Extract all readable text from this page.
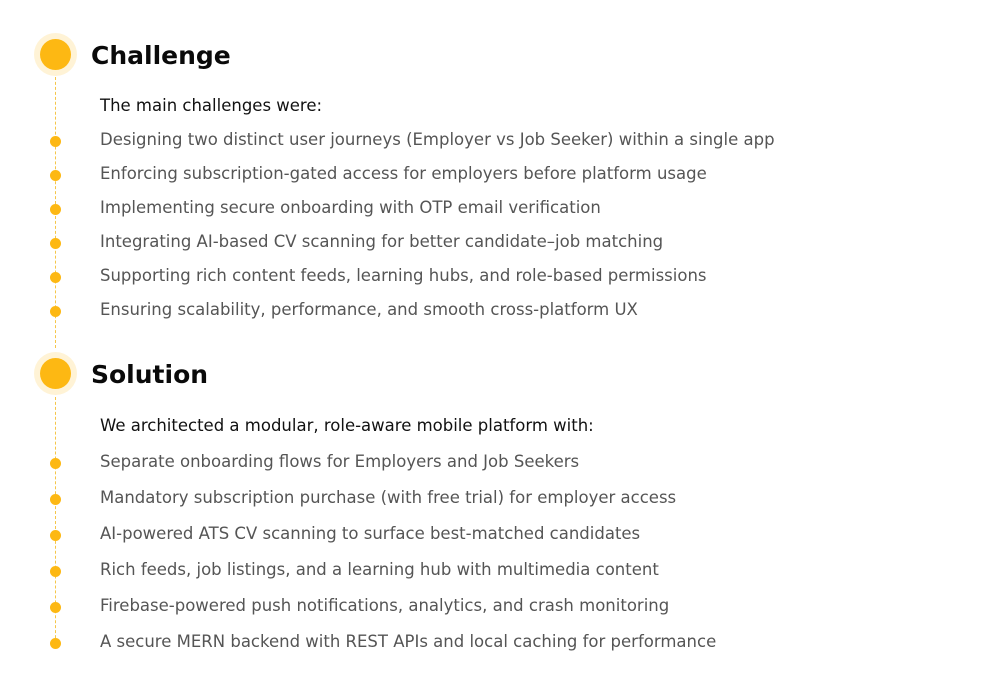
Challenge
The main challenges were:
Designing two distinct user journeys (Employer vs Job Seeker) within a single app
Enforcing subscription-gated access for employers before platform usage
Implementing secure onboarding with OTP email verification
Integrating AI-based CV scanning for better candidate–job matching
Supporting rich content feeds, learning hubs, and role-based permissions
Ensuring scalability, performance, and smooth cross-platform UX
Solution
We architected a modular, role-aware mobile platform with:
Separate onboarding flows for Employers and Job Seekers
Mandatory subscription purchase (with free trial) for employer access
AI-powered ATS CV scanning to surface best-matched candidates
Rich feeds, job listings, and a learning hub with multimedia content
Firebase-powered push notifications, analytics, and crash monitoring
A secure MERN backend with REST APIs and local caching for performance
